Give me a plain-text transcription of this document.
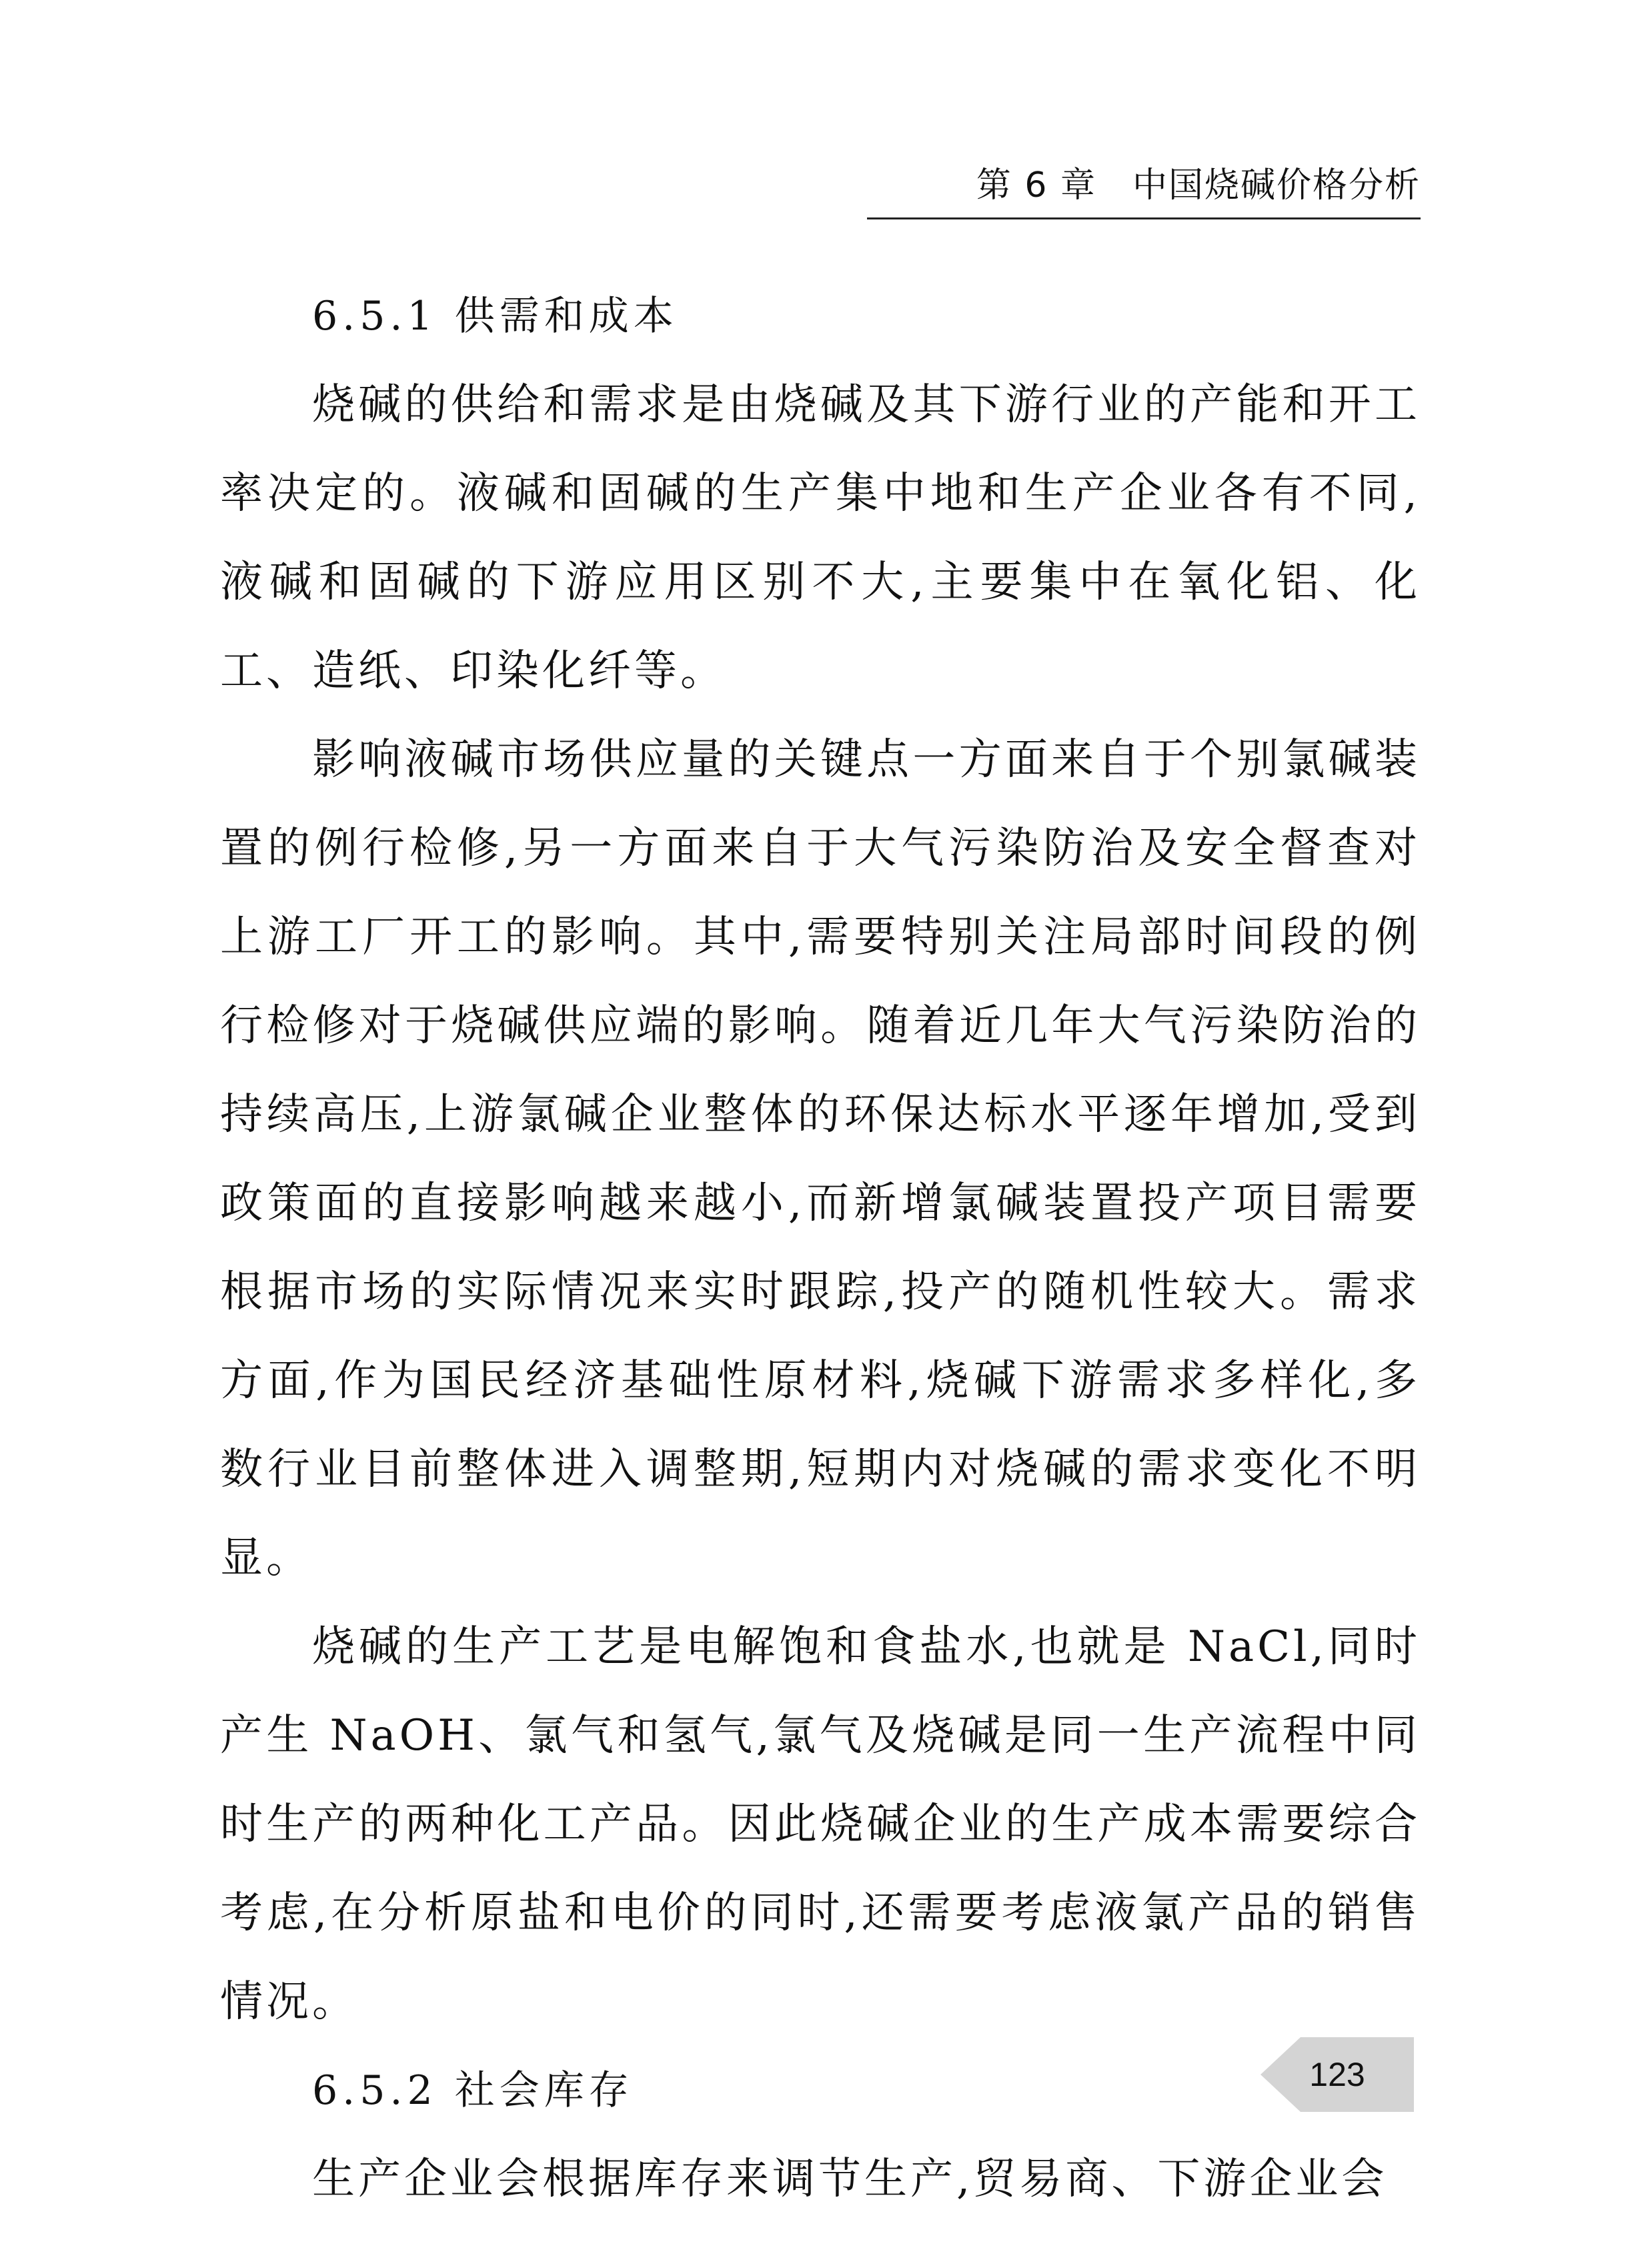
第 6 章　中国烧碱价格分析
6.5.1 供需和成本

烧碱的供给和需求是由烧碱及其下游行业的产能和开工率决定的。液碱和固碱的生产集中地和生产企业各有不同,液碱和固碱的下游应用区别不大,主要集中在氧化铝、化工、造纸、印染化纤等。

影响液碱市场供应量的关键点一方面来自于个别氯碱装置的例行检修,另一方面来自于大气污染防治及安全督查对上游工厂开工的影响。其中,需要特别关注局部时间段的例行检修对于烧碱供应端的影响。随着近几年大气污染防治的持续高压,上游氯碱企业整体的环保达标水平逐年增加,受到政策面的直接影响越来越小,而新增氯碱装置投产项目需要根据市场的实际情况来实时跟踪,投产的随机性较大。需求方面,作为国民经济基础性原材料,烧碱下游需求多样化,多数行业目前整体进入调整期,短期内对烧碱的需求变化不明显。

烧碱的生产工艺是电解饱和食盐水,也就是 NaCl,同时产生 NaOH、氯气和氢气,氯气及烧碱是同一生产流程中同时生产的两种化工产品。因此烧碱企业的生产成本需要综合考虑,在分析原盐和电价的同时,还需要考虑液氯产品的销售情况。

6.5.2 社会库存

生产企业会根据库存来调节生产,贸易商、下游企业会

123
